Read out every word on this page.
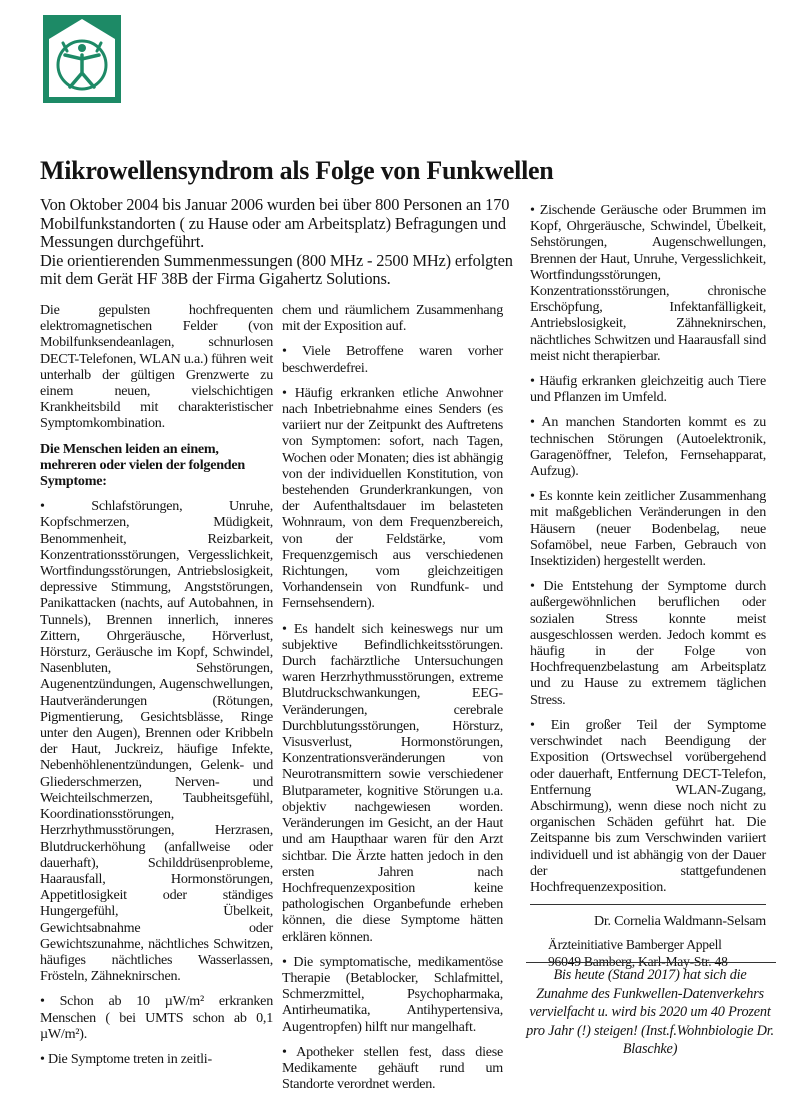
Mikrowellensyndrom als Folge von Funkwellen

Von Oktober 2004 bis Januar 2006 wurden bei über 800 Personen an 170 Mobilfunkstandorten ( zu Hause oder am Arbeitsplatz) Befragungen und Messungen durchgeführt.

Die orientierenden Summenmessungen (800 MHz - 2500 MHz) erfolgten mit dem Gerät HF 38B der Firma Gigahertz Solutions.

Die gepulsten hochfrequenten elektromagnetischen Felder (von Mobilfunksendeanlagen, schnurlosen DECT-Telefonen, WLAN u.a.) führen weit unterhalb der gültigen Grenzwerte zu einem neuen, vielschichtigen Krankheitsbild mit charakteristischer Symptomkombination.

Die Menschen leiden an einem, mehreren oder vielen der folgenden Symptome:

• Schlafstörungen, Unruhe, Kopfschmerzen, Müdigkeit, Benommenheit, Reizbarkeit, Konzentrationsstörungen, Vergesslichkeit, Wortfindungsstörungen, Antriebslosigkeit, depressive Stimmung, Angststörungen, Panikattacken (nachts, auf Autobahnen, in Tunnels), Brennen innerlich, inneres Zittern, Ohrgeräusche, Hörverlust, Hörsturz, Geräusche im Kopf, Schwindel, Nasenbluten, Sehstörungen, Augenentzündungen, Augenschwellungen, Hautveränderungen (Rötungen, Pigmentierung, Gesichtsblässe, Ringe unter den Augen), Brennen oder Kribbeln der Haut, Juckreiz, häufige Infekte, Nebenhöhlenentzündungen, Gelenk- und Gliederschmerzen, Nerven- und Weichteilschmerzen, Taubheitsgefühl, Koordinationsstörungen, Herzrhythmusstörungen, Herzrasen, Blutdruckerhöhung (anfallweise oder dauerhaft), Schilddrüsenprobleme, Haarausfall, Hormonstörungen, Appetitlosigkeit oder ständiges Hungergefühl, Übelkeit, Gewichtsabnahme oder Gewichtszunahme, nächtliches Schwitzen, häufiges nächtliches Wasserlassen, Frösteln, Zähneknirschen.

• Schon ab 10 µW/m² erkranken Menschen ( bei UMTS schon ab 0,1 µW/m²).

• Die Symptome treten in zeitli-

chem und räumlichem Zusammenhang mit der Exposition auf.

• Viele Betroffene waren vorher beschwerdefrei.

• Häufig erkranken etliche Anwohner nach Inbetriebnahme eines Senders (es variiert nur der Zeitpunkt des Auftretens von Symptomen: sofort, nach Tagen, Wochen oder Monaten; dies ist abhängig von der individuellen Konstitution, von bestehenden Grunderkrankungen, von der Aufenthaltsdauer im belasteten Wohnraum, von dem Frequenzbereich, von der Feldstärke, vom Frequenzgemisch aus verschiedenen Richtungen, vom gleichzeitigen Vorhandensein von Rundfunk- und Fernsehsendern).

• Es handelt sich keineswegs nur um subjektive Befindlichkeitsstörungen. Durch fachärztliche Untersuchungen waren Herzrhythmusstörungen, extreme Blutdruckschwankungen, EEG-Veränderungen, cerebrale Durchblutungsstörungen, Hörsturz, Visusverlust, Hormonstörungen, Konzentrationsveränderungen von Neurotransmittern sowie verschiedener Blutparameter, kognitive Störungen u.a. objektiv nachgewiesen worden. Veränderungen im Gesicht, an der Haut und am Haupthaar waren für den Arzt sichtbar. Die Ärzte hatten jedoch in den ersten Jahren nach Hochfrequenzexposition keine pathologischen Organbefunde erheben können, die diese Symptome hätten erklären können.

• Die symptomatische, medikamentöse Therapie (Betablocker, Schlafmittel, Schmerzmittel, Psychopharmaka, Antirheumatika, Antihypertensiva, Augentropfen) hilft nur mangelhaft.

• Apotheker stellen fest, dass diese Medikamente gehäuft rund um Standorte verordnet werden.

• Zischende Geräusche oder Brummen im Kopf, Ohrgeräusche, Schwindel, Übelkeit, Sehstörungen, Augenschwellungen, Brennen der Haut, Unruhe, Vergesslichkeit, Wortfindungsstörungen, Konzentrationsstörungen, chronische Erschöpfung, Infektanfälligkeit, Antriebslosigkeit, Zähneknirschen, nächtliches Schwitzen und Haarausfall sind meist nicht therapierbar.

• Häufig erkranken gleichzeitig auch Tiere und Pflanzen im Umfeld.

• An manchen Standorten kommt es zu technischen Störungen (Autoelektronik, Garagenöffner, Telefon, Fernsehapparat, Aufzug).

• Es konnte kein zeitlicher Zusammenhang mit maßgeblichen Veränderungen in den Häusern (neuer Bodenbelag, neue Sofamöbel, neue Farben, Gebrauch von Insektiziden) hergestellt werden.

• Die Entstehung der Symptome durch außergewöhnlichen beruflichen oder sozialen Stress konnte meist ausgeschlossen werden. Jedoch kommt es häufig in der Folge von Hochfrequenzbelastung am Arbeitsplatz und zu Hause zu extremem täglichen Stress.

• Ein großer Teil der Symptome verschwindet nach Beendigung der Exposition (Ortswechsel vorübergehend oder dauerhaft, Entfernung DECT-Telefon, Entfernung WLAN-Zugang, Abschirmung), wenn diese noch nicht zu organischen Schäden geführt hat. Die Zeitspanne bis zum Verschwinden variiert individuell und ist abhängig von der Dauer der stattgefundenen Hochfrequenzexposition.

Dr. Cornelia Waldmann-Selsam

Ärzteinitiative Bamberger Appell

Bis heute (Stand 2017) hat sich die Zunahme des Funkwellen-Datenverkehrs vervielfacht u. wird bis 2020 um 40 Prozent pro Jahr (!) steigen! (Inst.f.Wohnbiologie Dr. Blaschke)
